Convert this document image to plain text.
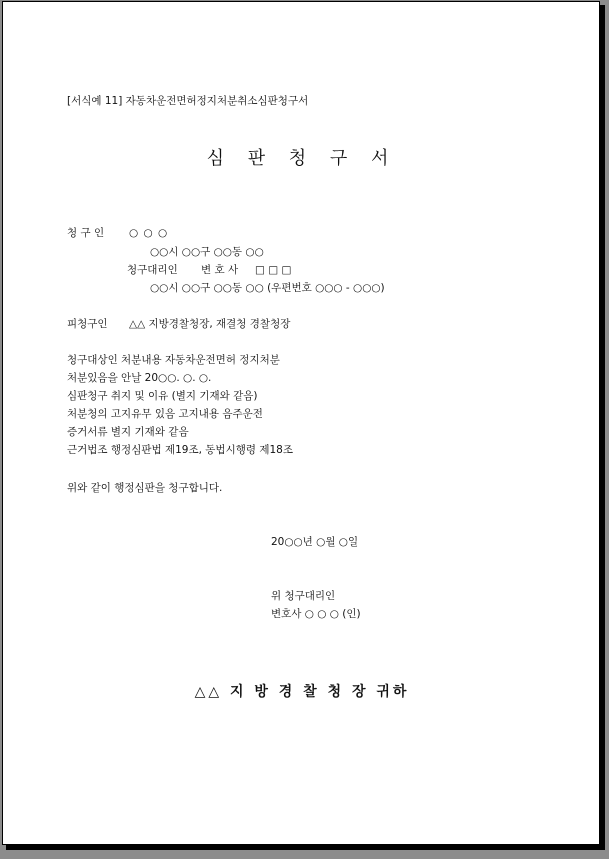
[서식예 11] 자동차운전면허정지처분취소심판청구서
심 판 청 구 서
청 구 인 ○ ○ ○
○○시 ○○구 ○○동 ○○
청구대리인 변 호 사 □ □ □
○○시 ○○구 ○○동 ○○ (우편번호 ○○○ - ○○○)
피청구인 △△ 지방경찰청장, 재결청 경찰청장
청구대상인 처분내용 자동차운전면허 정지처분
처분있음을 안날 20○○. ○. ○.
심판청구 취지 및 이유 (별지 기재와 같음)
처분청의 고지유무 있음 고지내용 음주운전
증거서류 별지 기재와 같음
근거법조 행정심판법 제19조, 동법시행령 제18조
위와 같이 행정심판을 청구합니다.
20○○년 ○월 ○일
위 청구대리인
변호사 ○ ○ ○ (인)
△△ 지 방 경 찰 청 장 귀하
